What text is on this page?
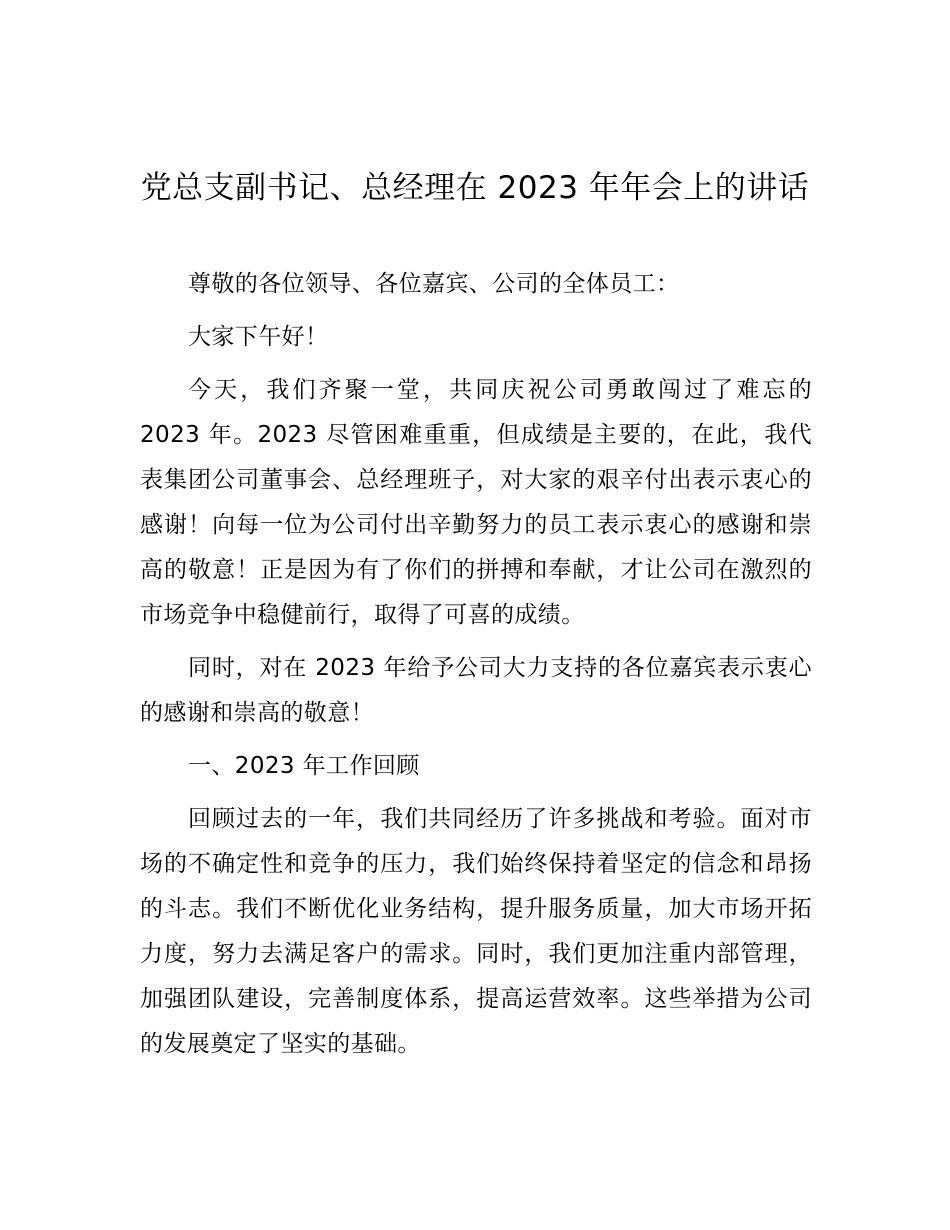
党总支副书记、总经理在 2023 年年会上的讲话

尊敬的各位领导、各位嘉宾、公司的全体员工：

大家下午好！

今天，我们齐聚一堂，共同庆祝公司勇敢闯过了难忘的 2023 年。2023 尽管困难重重，但成绩是主要的，在此，我代表集团公司董事会、总经理班子，对大家的艰辛付出表示衷心的感谢！向每一位为公司付出辛勤努力的员工表示衷心的感谢和崇高的敬意！正是因为有了你们的拼搏和奉献，才让公司在激烈的市场竞争中稳健前行，取得了可喜的成绩。

同时，对在 2023 年给予公司大力支持的各位嘉宾表示衷心的感谢和崇高的敬意！

一、2023 年工作回顾

回顾过去的一年，我们共同经历了许多挑战和考验。面对市场的不确定性和竞争的压力，我们始终保持着坚定的信念和昂扬的斗志。我们不断优化业务结构，提升服务质量，加大市场开拓力度，努力去满足客户的需求。同时，我们更加注重内部管理，加强团队建设，完善制度体系，提高运营效率。这些举措为公司的发展奠定了坚实的基础。
